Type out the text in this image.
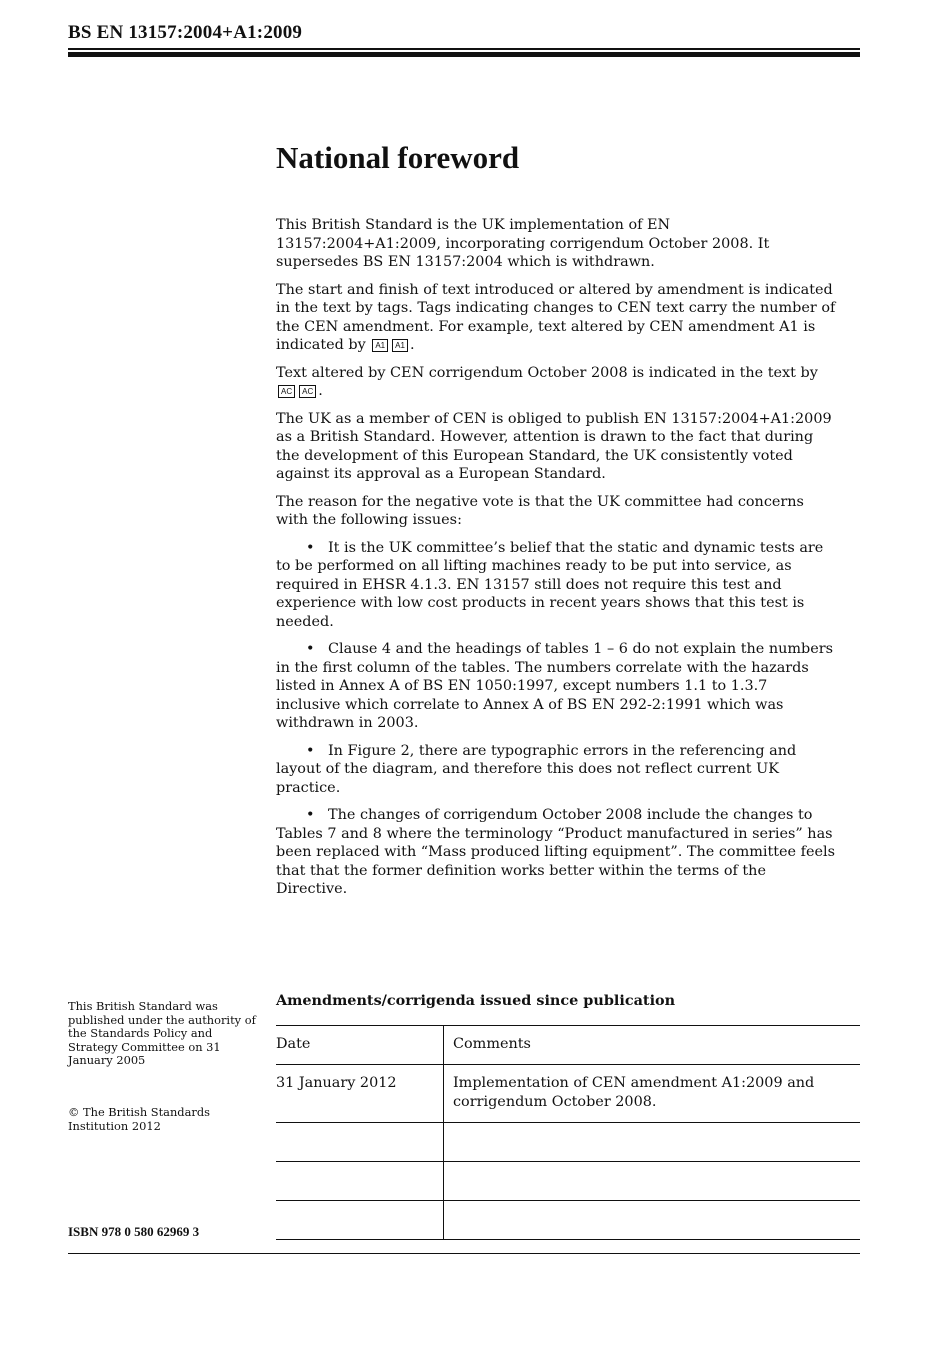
BS EN 13157:2004+A1:2009
National foreword

This British Standard is the UK implementation of EN 13157:2004+A1:2009, incorporating corrigendum October 2008. It supersedes BS EN 13157:2004 which is withdrawn.

The start and finish of text introduced or altered by amendment is indicated in the text by tags. Tags indicating changes to CEN text carry the number of the CEN amendment. For example, text altered by CEN amendment A1 is indicated by A1 A1 .

Text altered by CEN corrigendum October 2008 is indicated in the text by AC AC .

The UK as a member of CEN is obliged to publish EN 13157:2004+A1:2009 as a British Standard. However, attention is drawn to the fact that during the development of this European Standard, the UK consistently voted against its approval as a European Standard.

The reason for the negative vote is that the UK committee had concerns with the following issues:

• It is the UK committee’s belief that the static and dynamic tests are to be performed on all lifting machines ready to be put into service, as required in EHSR 4.1.3. EN 13157 still does not require this test and experience with low cost products in recent years shows that this test is needed.

• Clause 4 and the headings of tables 1 – 6 do not explain the numbers in the first column of the tables. The numbers correlate with the hazards listed in Annex A of BS EN 1050:1997, except numbers 1.1 to 1.3.7 inclusive which correlate to Annex A of BS EN 292-2:1991 which was withdrawn in 2003.

• In Figure 2, there are typographic errors in the referencing and layout of the diagram, and therefore this does not reflect current UK practice.

• The changes of corrigendum October 2008 include the changes to Tables 7 and 8 where the terminology “Product manufactured in series” has been replaced with “Mass produced lifting equipment”. The committee feels that that the former definition works better within the terms of the Directive.

This British Standard was published under the authority of the Standards Policy and Strategy Committee on 31 January 2005
© The British Standards Institution 2012
ISBN 978 0 580 62969 3
Amendments/corrigenda issued since publication
Date	Comments
31 January 2012	Implementation of CEN amendment A1:2009 and corrigendum October 2008.
